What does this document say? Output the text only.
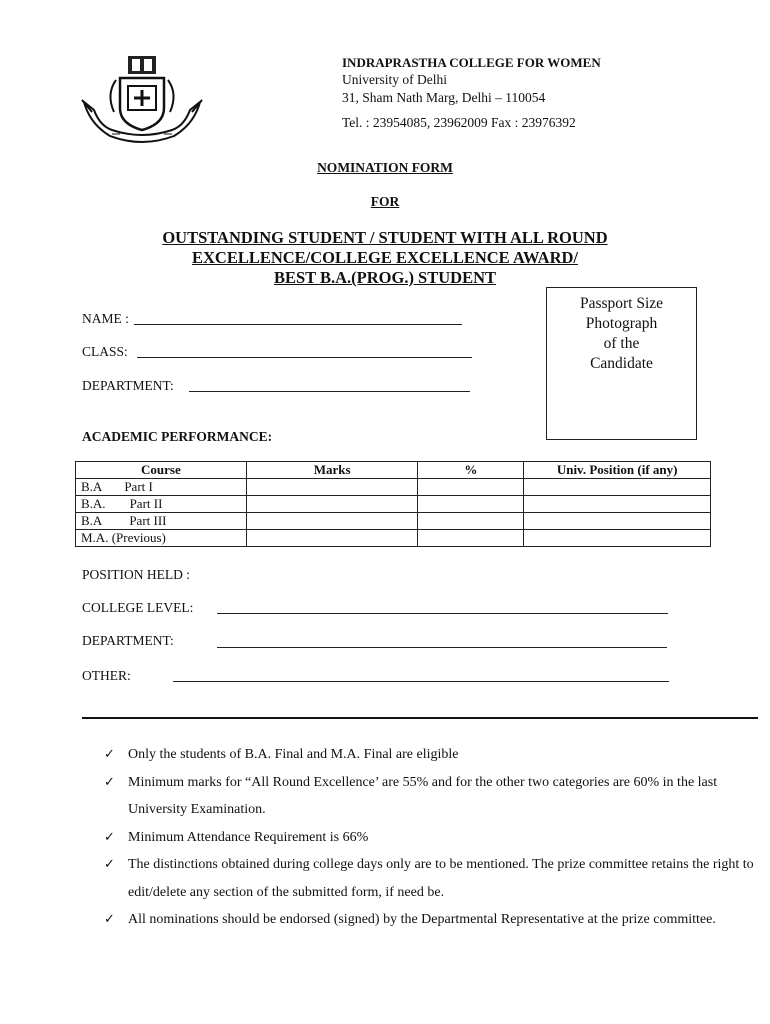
INDRAPRASTHA COLLEGE FOR WOMEN
University of Delhi
31, Sham Nath Marg, Delhi – 110054
Tel. : 23954085, 23962009 Fax : 23976392
NOMINATION FORM
FOR
OUTSTANDING STUDENT / STUDENT WITH ALL ROUND
EXCELLENCE/COLLEGE EXCELLENCE AWARD/
BEST B.A.(PROG.) STUDENT
Passport Size
Photograph
of the
Candidate
NAME :
CLASS:
DEPARTMENT:
ACADEMIC PERFORMANCE:
Course	Marks	%	Univ. Position (if any)
B.A Part I			
B.A. Part II			
B.A Part III			
M.A. (Previous)			
POSITION HELD :
COLLEGE LEVEL:
DEPARTMENT:
OTHER:
✓ Only the students of B.A. Final and M.A. Final are eligible
✓ Minimum marks for “All Round Excellence’ are 55% and for the other two categories are 60% in the last University Examination.
✓ Minimum Attendance Requirement is 66%
✓ The distinctions obtained during college days only are to be mentioned. The prize committee retains the right to edit/delete any section of the submitted form, if need be.
✓ All nominations should be endorsed (signed) by the Departmental Representative at the prize committee.
